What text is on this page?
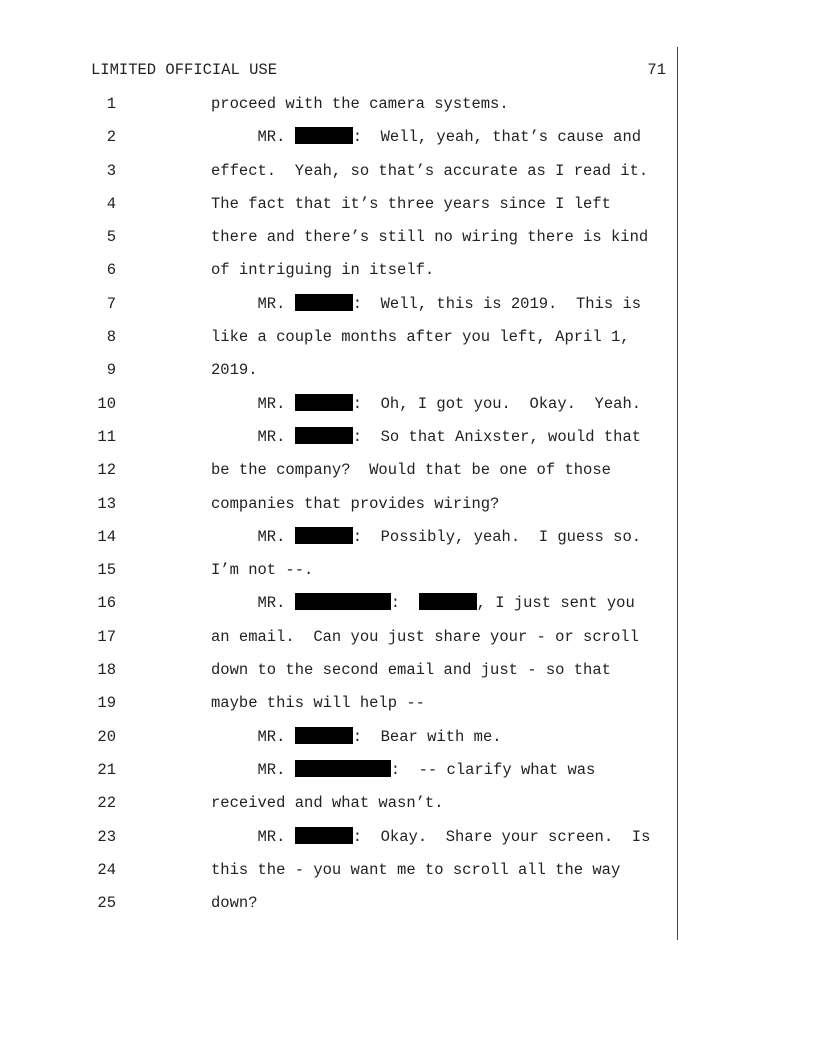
LIMITED OFFICIAL USE	71
1	proceed with the camera systems.
2	MR.	:  Well, yeah, that’s cause and
3	effect.  Yeah, so that’s accurate as I read it.
4	The fact that it’s three years since I left
5	there and there’s still no wiring there is kind
6	of intriguing in itself.
7	MR.	:  Well, this is 2019.  This is
8	like a couple months after you left, April 1,
9	2019.
10	MR.	:  Oh, I got you.  Okay.  Yeah.
11	MR.	:  So that Anixster, would that
12	be the company?  Would that be one of those
13	companies that provides wiring?
14	MR.	:  Possibly, yeah.  I guess so.
15	I’m not --.
16	MR.	:	, I just sent you
17	an email.  Can you just share your - or scroll
18	down to the second email and just - so that
19	maybe this will help --
20	MR.	:  Bear with me.
21	MR.	:  -- clarify what was
22	received and what wasn’t.
23	MR.	:  Okay.  Share your screen.  Is
24	this the - you want me to scroll all the way
25	down?
